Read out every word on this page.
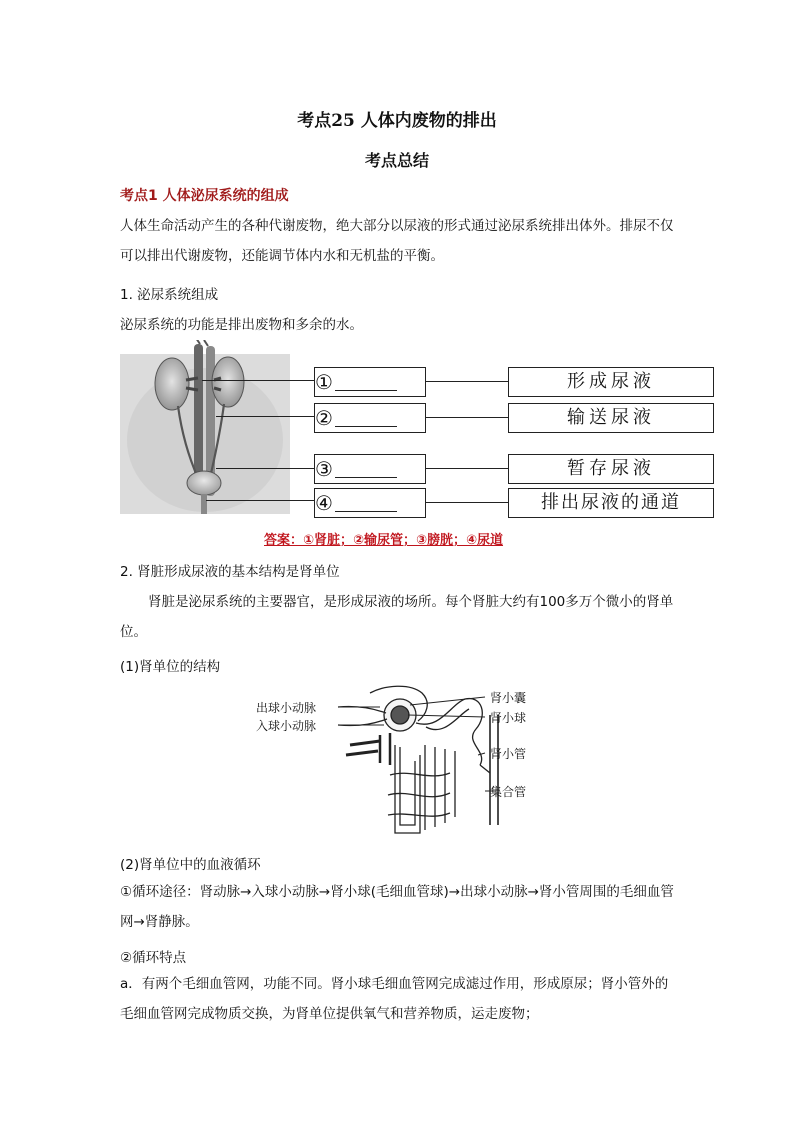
考点25 人体内废物的排出
考点总结
考点1 人体泌尿系统的组成
人体生命活动产生的各种代谢废物，绝大部分以尿液的形式通过泌尿系统排出体外。排尿不仅可以排出代谢废物，还能调节体内水和无机盐的平衡。
1. 泌尿系统组成
泌尿系统的功能是排出废物和多余的水。
①
②
③
④
形成尿液
输送尿液
暂存尿液
排出尿液的通道
答案：①肾脏；②输尿管；③膀胱；④尿道
2. 肾脏形成尿液的基本结构是肾单位
肾脏是泌尿系统的主要器官，是形成尿液的场所。每个肾脏大约有100多万个微小的肾单位。
(1)肾单位的结构
出球小动脉
入球小动脉
肾小囊
肾小球
肾小管
集合管
(2)肾单位中的血液循环
①循环途径：肾动脉→入球小动脉→肾小球(毛细血管球)→出球小动脉→肾小管周围的毛细血管网→肾静脉。
②循环特点
a．有两个毛细血管网，功能不同。肾小球毛细血管网完成滤过作用，形成原尿；肾小管外的毛细血管网完成物质交换，为肾单位提供氧气和营养物质，运走废物；
